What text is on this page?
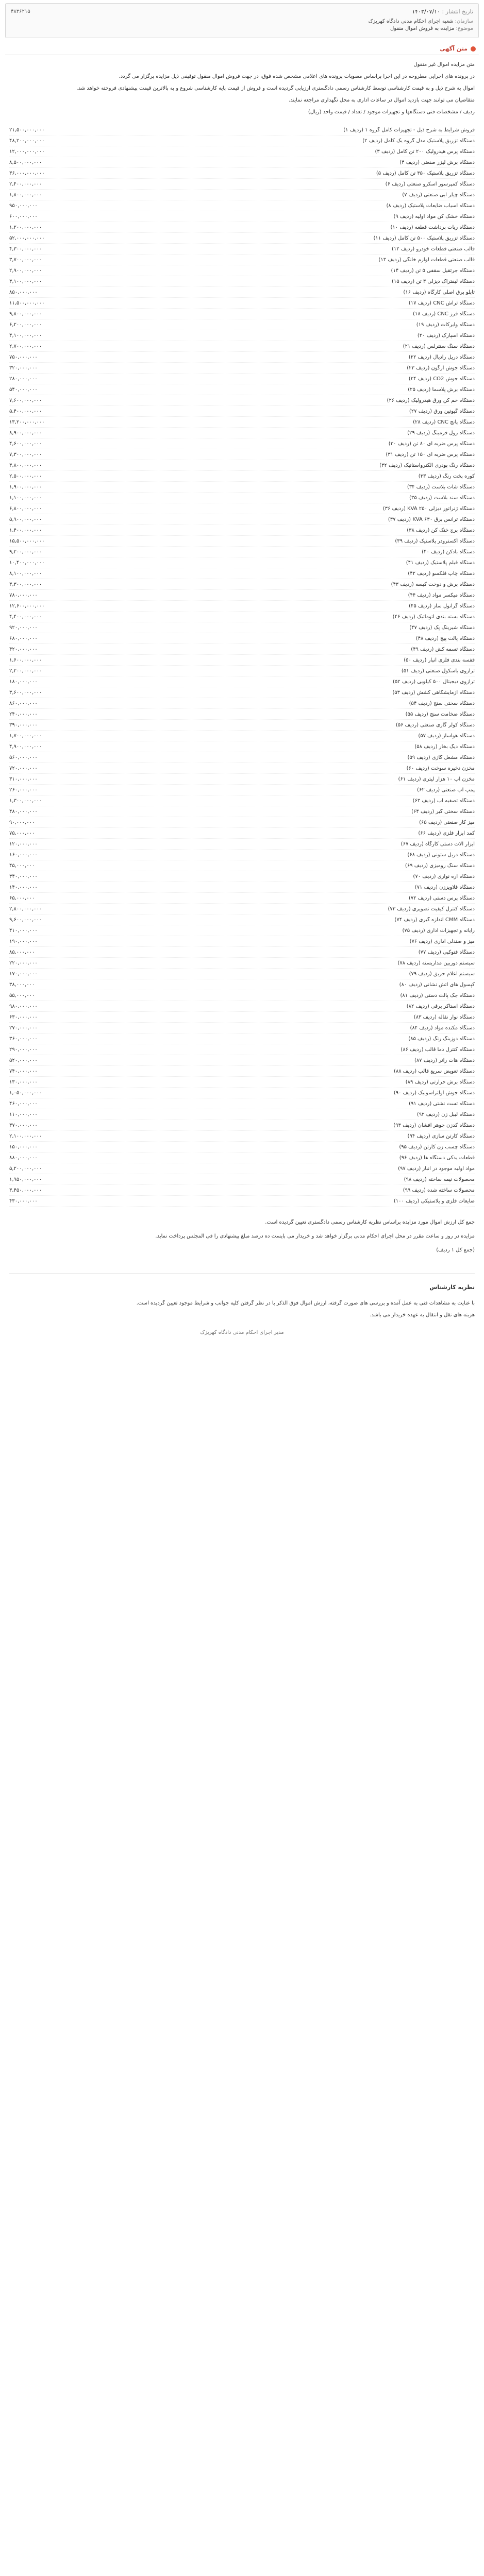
تاریخ انتشار : ۱۴۰۳/۰۷/۱۰
۴۸۳۶۲۱۵
سازمان: شعبه اجرای احکام مدنی دادگاه کهریزک
موضوع: مزایده به فروش اموال منقول
متن آگهی

متن مزایده اموال غیر منقول

در پرونده های اجرایی مطروحه در این اجرا براساس مصوبات پرونده های اعلامی مشخص شده فوق، در جهت فروش اموال منقول توقیفی ذیل مزایده برگزار می گردد.

اموال به شرح ذیل و به قیمت کارشناسی توسط کارشناس رسمی دادگستری ارزیابی گردیده است و فروش از قیمت پایه کارشناسی شروع و به بالاترین قیمت پیشنهادی فروخته خواهد شد.

متقاضیان می توانند جهت بازدید اموال در ساعات اداری به محل نگهداری مراجعه نمایند.

ردیف / مشخصات فنی دستگاهها و تجهیزات موجود / تعداد / قیمت واحد (ریال)

فروش شرایط به شرح ذیل - تجهیزات کامل گروه ۱ (ردیف ۱)
۲۱,۵۰۰,۰۰۰,۰۰۰
دستگاه تزریق پلاستیک مدل گروه یک کامل (ردیف ۲)
۴۸,۲۰۰,۰۰۰,۰۰۰
دستگاه پرس هیدرولیک ۲۰۰ تن کامل (ردیف ۳)
۱۲,۰۰۰,۰۰۰,۰۰۰
دستگاه برش لیزر صنعتی (ردیف ۴)
۸,۵۰۰,۰۰۰,۰۰۰
دستگاه تزریق پلاستیک ۳۵۰ تن کامل (ردیف ۵)
۳۶,۰۰۰,۰۰۰,۰۰۰
دستگاه کمپرسور اسکرو صنعتی (ردیف ۶)
۲,۴۰۰,۰۰۰,۰۰۰
دستگاه چیلر آبی صنعتی (ردیف ۷)
۱,۸۰۰,۰۰۰,۰۰۰
دستگاه آسیاب ضایعات پلاستیک (ردیف ۸)
۹۵۰,۰۰۰,۰۰۰
دستگاه خشک کن مواد اولیه (ردیف ۹)
۶۰۰,۰۰۰,۰۰۰
دستگاه ربات برداشت قطعه (ردیف ۱۰)
۱,۲۰۰,۰۰۰,۰۰۰
دستگاه تزریق پلاستیک ۵۰۰ تن کامل (ردیف ۱۱)
۵۲,۰۰۰,۰۰۰,۰۰۰
قالب صنعتی قطعات خودرو (ردیف ۱۲)
۴,۳۰۰,۰۰۰,۰۰۰
قالب صنعتی قطعات لوازم خانگی (ردیف ۱۳)
۳,۷۰۰,۰۰۰,۰۰۰
دستگاه جرثقیل سقفی ۵ تن (ردیف ۱۴)
۲,۹۰۰,۰۰۰,۰۰۰
دستگاه لیفتراک دیزلی ۳ تن (ردیف ۱۵)
۳,۱۰۰,۰۰۰,۰۰۰
تابلو برق اصلی کارگاه (ردیف ۱۶)
۸۵۰,۰۰۰,۰۰۰
دستگاه تراش CNC (ردیف ۱۷)
۱۱,۵۰۰,۰۰۰,۰۰۰
دستگاه فرز CNC (ردیف ۱۸)
۹,۸۰۰,۰۰۰,۰۰۰
دستگاه وایرکات (ردیف ۱۹)
۶,۲۰۰,۰۰۰,۰۰۰
دستگاه اسپارک (ردیف ۲۰)
۴,۱۰۰,۰۰۰,۰۰۰
دستگاه سنگ سنترلس (ردیف ۲۱)
۲,۷۰۰,۰۰۰,۰۰۰
دستگاه دریل رادیال (ردیف ۲۲)
۷۵۰,۰۰۰,۰۰۰
دستگاه جوش آرگون (ردیف ۲۳)
۳۲۰,۰۰۰,۰۰۰
دستگاه جوش CO2 (ردیف ۲۴)
۲۸۰,۰۰۰,۰۰۰
دستگاه برش پلاسما (ردیف ۲۵)
۵۴۰,۰۰۰,۰۰۰
دستگاه خم کن ورق هیدرولیک (ردیف ۲۶)
۷,۶۰۰,۰۰۰,۰۰۰
دستگاه گیوتین ورق (ردیف ۲۷)
۵,۴۰۰,۰۰۰,۰۰۰
دستگاه پانچ CNC (ردیف ۲۸)
۱۳,۲۰۰,۰۰۰,۰۰۰
دستگاه رول فرمینگ (ردیف ۲۹)
۸,۹۰۰,۰۰۰,۰۰۰
دستگاه پرس ضربه ای ۸۰ تن (ردیف ۳۰)
۴,۶۰۰,۰۰۰,۰۰۰
دستگاه پرس ضربه ای ۱۵۰ تن (ردیف ۳۱)
۷,۳۰۰,۰۰۰,۰۰۰
دستگاه رنگ پودری الکترواستاتیک (ردیف ۳۲)
۳,۸۰۰,۰۰۰,۰۰۰
کوره پخت رنگ (ردیف ۳۳)
۲,۵۰۰,۰۰۰,۰۰۰
دستگاه شات بلاست (ردیف ۳۴)
۱,۹۰۰,۰۰۰,۰۰۰
دستگاه سند بلاست (ردیف ۳۵)
۱,۱۰۰,۰۰۰,۰۰۰
دستگاه ژنراتور دیزلی ۲۵۰ KVA (ردیف ۳۶)
۶,۸۰۰,۰۰۰,۰۰۰
دستگاه ترانس برق ۶۳۰ KVA (ردیف ۳۷)
۵,۹۰۰,۰۰۰,۰۰۰
دستگاه برج خنک کن (ردیف ۳۸)
۱,۴۰۰,۰۰۰,۰۰۰
دستگاه اکسترودر پلاستیک (ردیف ۳۹)
۱۵,۵۰۰,۰۰۰,۰۰۰
دستگاه بادکن (ردیف ۴۰)
۹,۲۰۰,۰۰۰,۰۰۰
دستگاه فیلم پلاستیک (ردیف ۴۱)
۱۰,۴۰۰,۰۰۰,۰۰۰
دستگاه چاپ فلکسو (ردیف ۴۲)
۸,۱۰۰,۰۰۰,۰۰۰
دستگاه برش و دوخت کیسه (ردیف ۴۳)
۳,۳۰۰,۰۰۰,۰۰۰
دستگاه میکسر مواد (ردیف ۴۴)
۷۸۰,۰۰۰,۰۰۰
دستگاه گرانول ساز (ردیف ۴۵)
۱۲,۶۰۰,۰۰۰,۰۰۰
دستگاه بسته بندی اتوماتیک (ردیف ۴۶)
۴,۴۰۰,۰۰۰,۰۰۰
دستگاه شیرینگ پک (ردیف ۴۷)
۹۲۰,۰۰۰,۰۰۰
دستگاه پالت پیچ (ردیف ۴۸)
۶۸۰,۰۰۰,۰۰۰
دستگاه تسمه کش (ردیف ۴۹)
۴۲۰,۰۰۰,۰۰۰
قفسه بندی فلزی انبار (ردیف ۵۰)
۱,۶۰۰,۰۰۰,۰۰۰
ترازوی باسکول صنعتی (ردیف ۵۱)
۲,۲۰۰,۰۰۰,۰۰۰
ترازوی دیجیتال ۵۰۰ کیلویی (ردیف ۵۲)
۱۸۰,۰۰۰,۰۰۰
دستگاه آزمایشگاهی کشش (ردیف ۵۳)
۳,۶۰۰,۰۰۰,۰۰۰
دستگاه سختی سنج (ردیف ۵۴)
۸۶۰,۰۰۰,۰۰۰
دستگاه ضخامت سنج (ردیف ۵۵)
۲۴۰,۰۰۰,۰۰۰
دستگاه کولر گازی صنعتی (ردیف ۵۶)
۳۹۰,۰۰۰,۰۰۰
دستگاه هواساز (ردیف ۵۷)
۱,۷۰۰,۰۰۰,۰۰۰
دستگاه دیگ بخار (ردیف ۵۸)
۴,۹۰۰,۰۰۰,۰۰۰
دستگاه مشعل گازی (ردیف ۵۹)
۵۶۰,۰۰۰,۰۰۰
مخزن ذخیره سوخت (ردیف ۶۰)
۷۲۰,۰۰۰,۰۰۰
مخزن آب ۱۰ هزار لیتری (ردیف ۶۱)
۳۱۰,۰۰۰,۰۰۰
پمپ آب صنعتی (ردیف ۶۲)
۲۶۰,۰۰۰,۰۰۰
دستگاه تصفیه آب (ردیف ۶۳)
۱,۳۰۰,۰۰۰,۰۰۰
دستگاه سختی گیر (ردیف ۶۴)
۴۸۰,۰۰۰,۰۰۰
میز کار صنعتی (ردیف ۶۵)
۹۰,۰۰۰,۰۰۰
کمد ابزار فلزی (ردیف ۶۶)
۷۵,۰۰۰,۰۰۰
ابزار آلات دستی کارگاه (ردیف ۶۷)
۱۲۰,۰۰۰,۰۰۰
دستگاه دریل ستونی (ردیف ۶۸)
۱۶۰,۰۰۰,۰۰۰
دستگاه سنگ رومیزی (ردیف ۶۹)
۴۵,۰۰۰,۰۰۰
دستگاه اره نواری (ردیف ۷۰)
۳۴۰,۰۰۰,۰۰۰
دستگاه قلاویززن (ردیف ۷۱)
۱۴۰,۰۰۰,۰۰۰
دستگاه پرس دستی (ردیف ۷۲)
۶۵,۰۰۰,۰۰۰
دستگاه کنترل کیفیت تصویری (ردیف ۷۳)
۲,۸۰۰,۰۰۰,۰۰۰
دستگاه CMM اندازه گیری (ردیف ۷۴)
۹,۶۰۰,۰۰۰,۰۰۰
رایانه و تجهیزات اداری (ردیف ۷۵)
۴۱۰,۰۰۰,۰۰۰
میز و صندلی اداری (ردیف ۷۶)
۱۹۰,۰۰۰,۰۰۰
دستگاه فتوکپی (ردیف ۷۷)
۸۵,۰۰۰,۰۰۰
سیستم دوربین مداربسته (ردیف ۷۸)
۲۲۰,۰۰۰,۰۰۰
سیستم اعلام حریق (ردیف ۷۹)
۱۷۰,۰۰۰,۰۰۰
کپسول های آتش نشانی (ردیف ۸۰)
۳۸,۰۰۰,۰۰۰
دستگاه جک پالت دستی (ردیف ۸۱)
۵۵,۰۰۰,۰۰۰
دستگاه استاکر برقی (ردیف ۸۲)
۹۸۰,۰۰۰,۰۰۰
دستگاه نوار نقاله (ردیف ۸۳)
۶۳۰,۰۰۰,۰۰۰
دستگاه مکنده مواد (ردیف ۸۴)
۲۷۰,۰۰۰,۰۰۰
دستگاه دوزینگ رنگ (ردیف ۸۵)
۳۶۰,۰۰۰,۰۰۰
دستگاه کنترل دما قالب (ردیف ۸۶)
۲۹۰,۰۰۰,۰۰۰
دستگاه هات رانر (ردیف ۸۷)
۵۲۰,۰۰۰,۰۰۰
دستگاه تعویض سریع قالب (ردیف ۸۸)
۷۴۰,۰۰۰,۰۰۰
دستگاه برش حرارتی (ردیف ۸۹)
۱۳۰,۰۰۰,۰۰۰
دستگاه جوش اولتراسونیک (ردیف ۹۰)
۱,۰۵۰,۰۰۰,۰۰۰
دستگاه تست نشتی (ردیف ۹۱)
۴۶۰,۰۰۰,۰۰۰
دستگاه لیبل زن (ردیف ۹۲)
۱۱۰,۰۰۰,۰۰۰
دستگاه کدزن جوهر افشان (ردیف ۹۳)
۳۷۰,۰۰۰,۰۰۰
دستگاه کارتن سازی (ردیف ۹۴)
۲,۱۰۰,۰۰۰,۰۰۰
دستگاه چسب زن کارتن (ردیف ۹۵)
۱۵۰,۰۰۰,۰۰۰
قطعات یدکی دستگاه ها (ردیف ۹۶)
۸۸۰,۰۰۰,۰۰۰
مواد اولیه موجود در انبار (ردیف ۹۷)
۵,۲۰۰,۰۰۰,۰۰۰
محصولات نیمه ساخته (ردیف ۹۸)
۱,۹۵۰,۰۰۰,۰۰۰
محصولات ساخته شده (ردیف ۹۹)
۳,۴۵۰,۰۰۰,۰۰۰
ضایعات فلزی و پلاستیکی (ردیف ۱۰۰)
۴۳۰,۰۰۰,۰۰۰

جمع کل ارزش اموال مورد مزایده براساس نظریه کارشناس رسمی دادگستری تعیین گردیده است.

مزایده در روز و ساعت مقرر در محل اجرای احکام مدنی برگزار خواهد شد و خریدار می بایست ده درصد مبلغ پیشنهادی را فی المجلس پرداخت نماید.

(جمع کل ۱ ردیف)

نظریه کارشناس

با عنایت به مشاهدات فنی به عمل آمده و بررسی های صورت گرفته، ارزش اموال فوق الذکر با در نظر گرفتن کلیه جوانب و شرایط موجود تعیین گردیده است.

هزینه های نقل و انتقال به عهده خریدار می باشد.

مدیر اجرای احکام مدنی دادگاه کهریزک
